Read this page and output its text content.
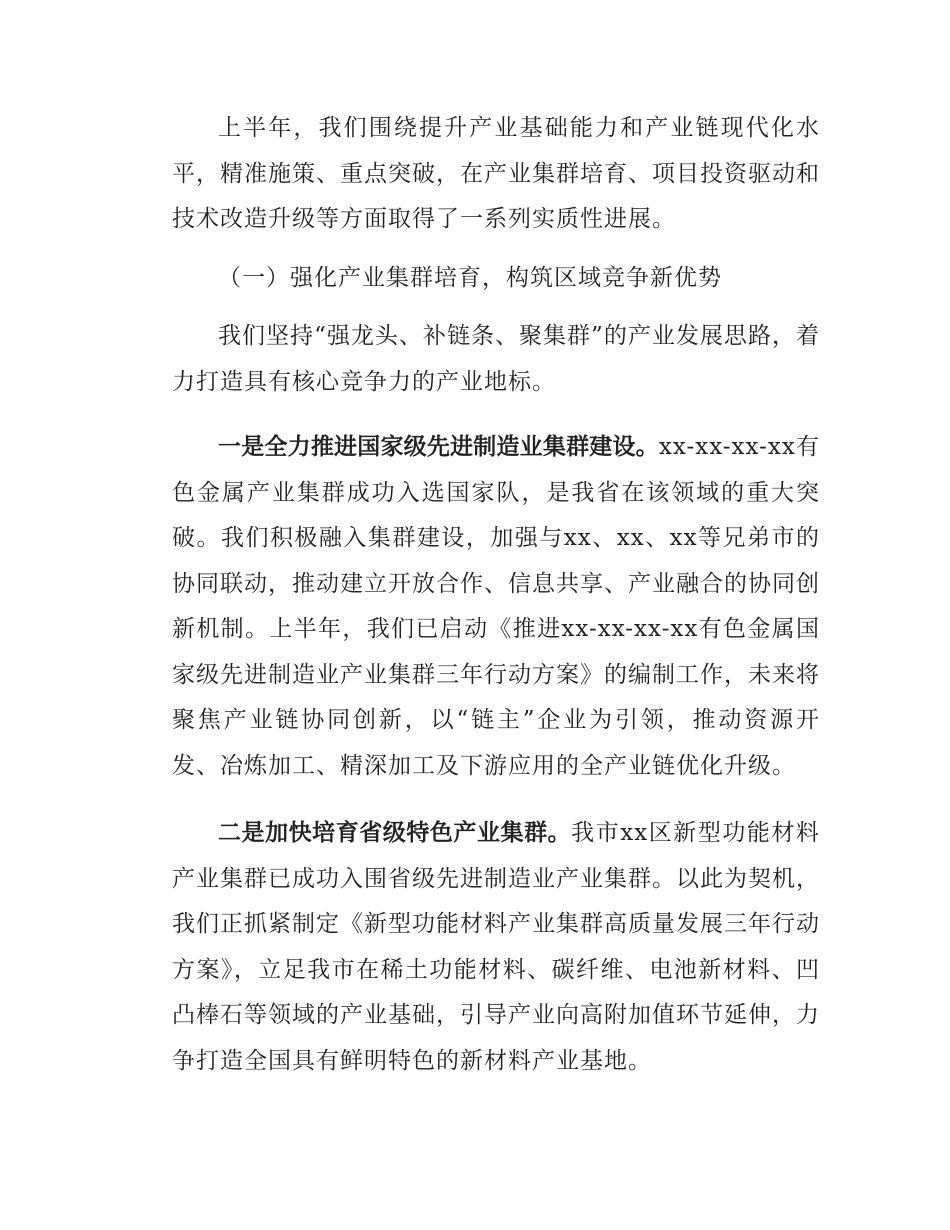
上半年，我们围绕提升产业基础能力和产业链现代化水平，精准施策、重点突破，在产业集群培育、项目投资驱动和技术改造升级等方面取得了一系列实质性进展。

（一）强化产业集群培育，构筑区域竞争新优势

我们坚持“强龙头、补链条、聚集群”的产业发展思路，着力打造具有核心竞争力的产业地标。

一是全力推进国家级先进制造业集群建设。xx-xx-xx-xx有色金属产业集群成功入选国家队，是我省在该领域的重大突破。我们积极融入集群建设，加强与xx、xx、xx等兄弟市的协同联动，推动建立开放合作、信息共享、产业融合的协同创新机制。上半年，我们已启动《推进xx-xx-xx-xx有色金属国家级先进制造业产业集群三年行动方案》的编制工作，未来将聚焦产业链协同创新，以“链主”企业为引领，推动资源开发、冶炼加工、精深加工及下游应用的全产业链优化升级。

二是加快培育省级特色产业集群。我市xx区新型功能材料产业集群已成功入围省级先进制造业产业集群。以此为契机，我们正抓紧制定《新型功能材料产业集群高质量发展三年行动方案》，立足我市在稀土功能材料、碳纤维、电池新材料、凹凸棒石等领域的产业基础，引导产业向高附加值环节延伸，力争打造全国具有鲜明特色的新材料产业基地。
